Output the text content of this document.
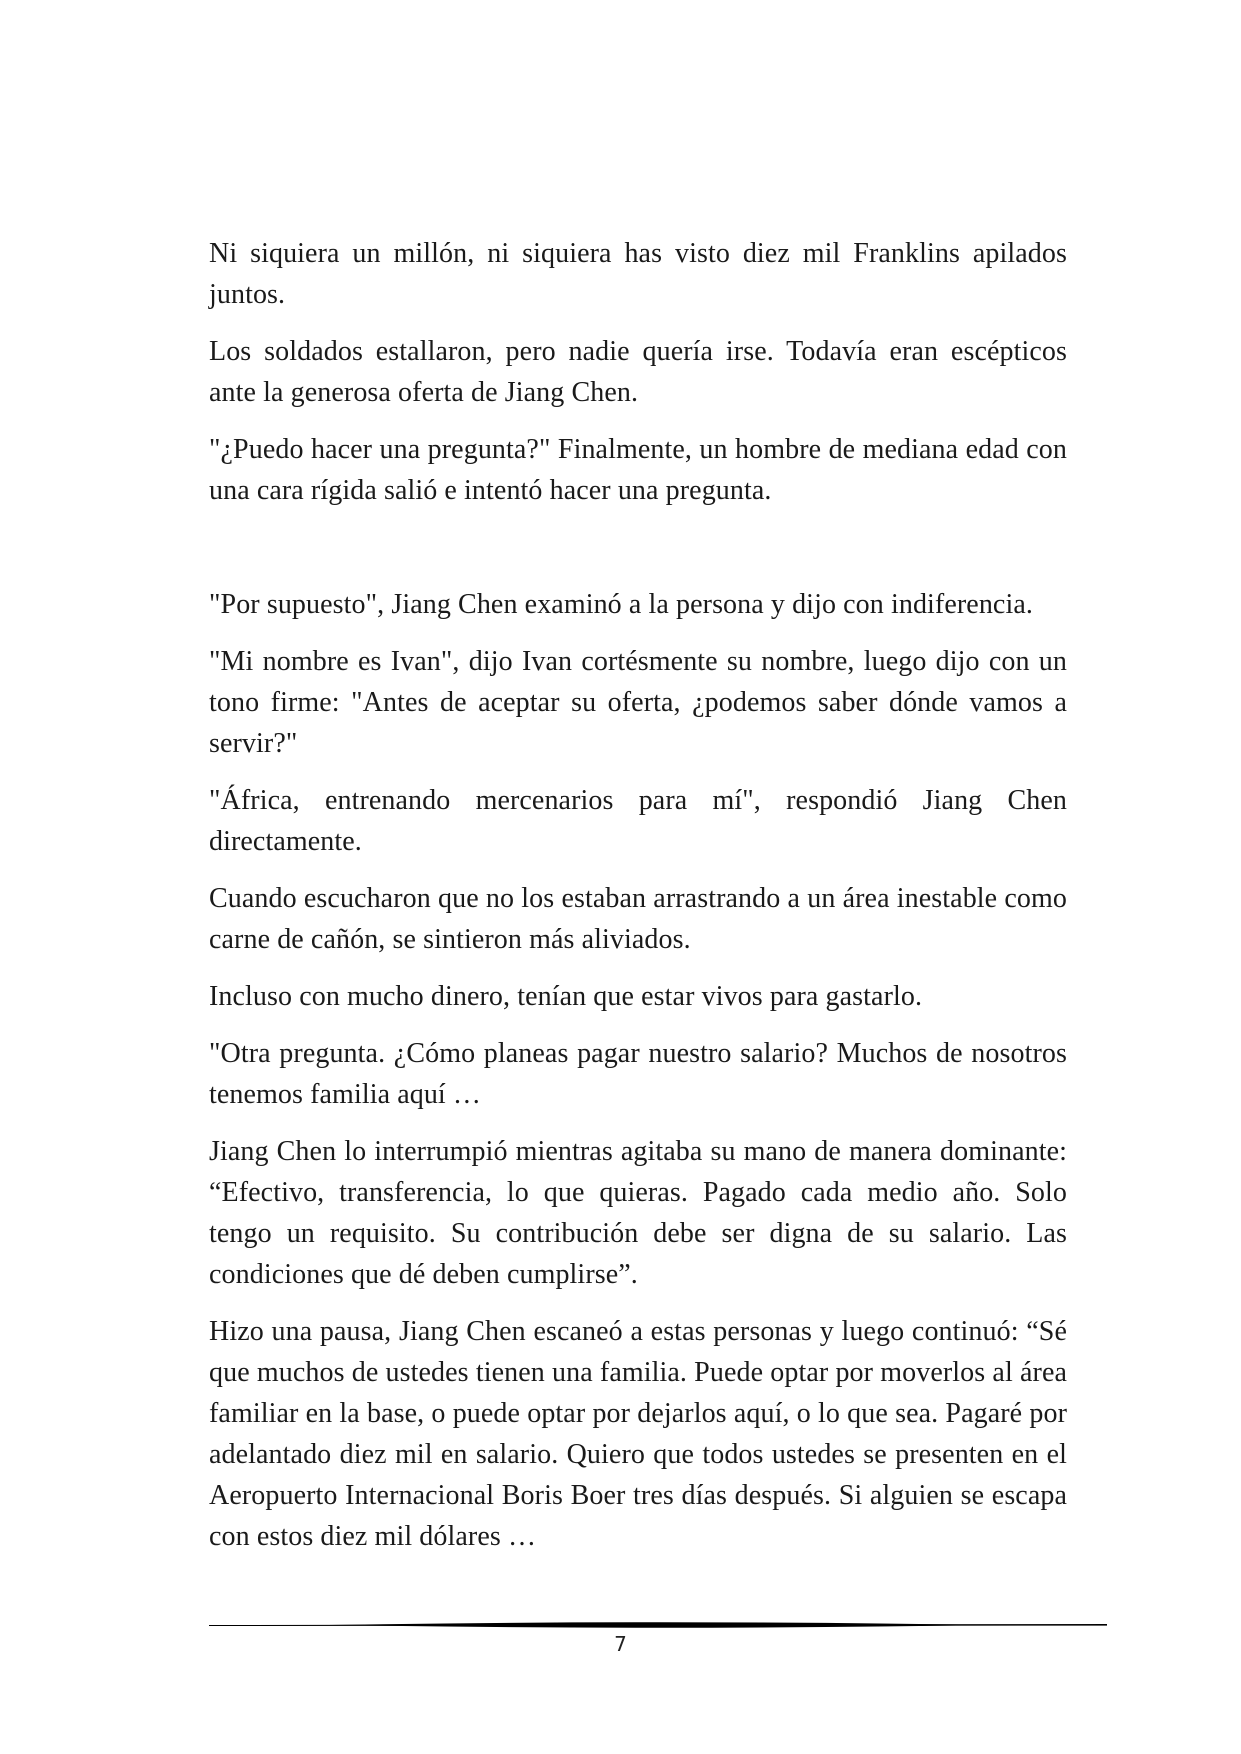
Ni siquiera un millón, ni siquiera has visto diez mil Franklins apilados juntos.

Los soldados estallaron, pero nadie quería irse. Todavía eran escépticos ante la generosa oferta de Jiang Chen.

"¿Puedo hacer una pregunta?" Finalmente, un hombre de mediana edad con una cara rígida salió e intentó hacer una pregunta.

"Por supuesto", Jiang Chen examinó a la persona y dijo con indiferencia.

"Mi nombre es Ivan", dijo Ivan cortésmente su nombre, luego dijo con un tono firme: "Antes de aceptar su oferta, ¿podemos saber dónde vamos a servir?"

"África, entrenando mercenarios para mí", respondió Jiang Chen directamente.

Cuando escucharon que no los estaban arrastrando a un área inestable como carne de cañón, se sintieron más aliviados.

Incluso con mucho dinero, tenían que estar vivos para gastarlo.

"Otra pregunta. ¿Cómo planeas pagar nuestro salario? Muchos de nosotros tenemos familia aquí …

Jiang Chen lo interrumpió mientras agitaba su mano de manera dominante: “Efectivo, transferencia, lo que quieras. Pagado cada medio año. Solo tengo un requisito. Su contribución debe ser digna de su salario. Las condiciones que dé deben cumplirse”.

Hizo una pausa, Jiang Chen escaneó a estas personas y luego continuó: “Sé que muchos de ustedes tienen una familia. Puede optar por moverlos al área familiar en la base, o puede optar por dejarlos aquí, o lo que sea. Pagaré por adelantado diez mil en salario. Quiero que todos ustedes se presenten en el Aeropuerto Internacional Boris Boer tres días después. Si alguien se escapa con estos diez mil dólares …

7
